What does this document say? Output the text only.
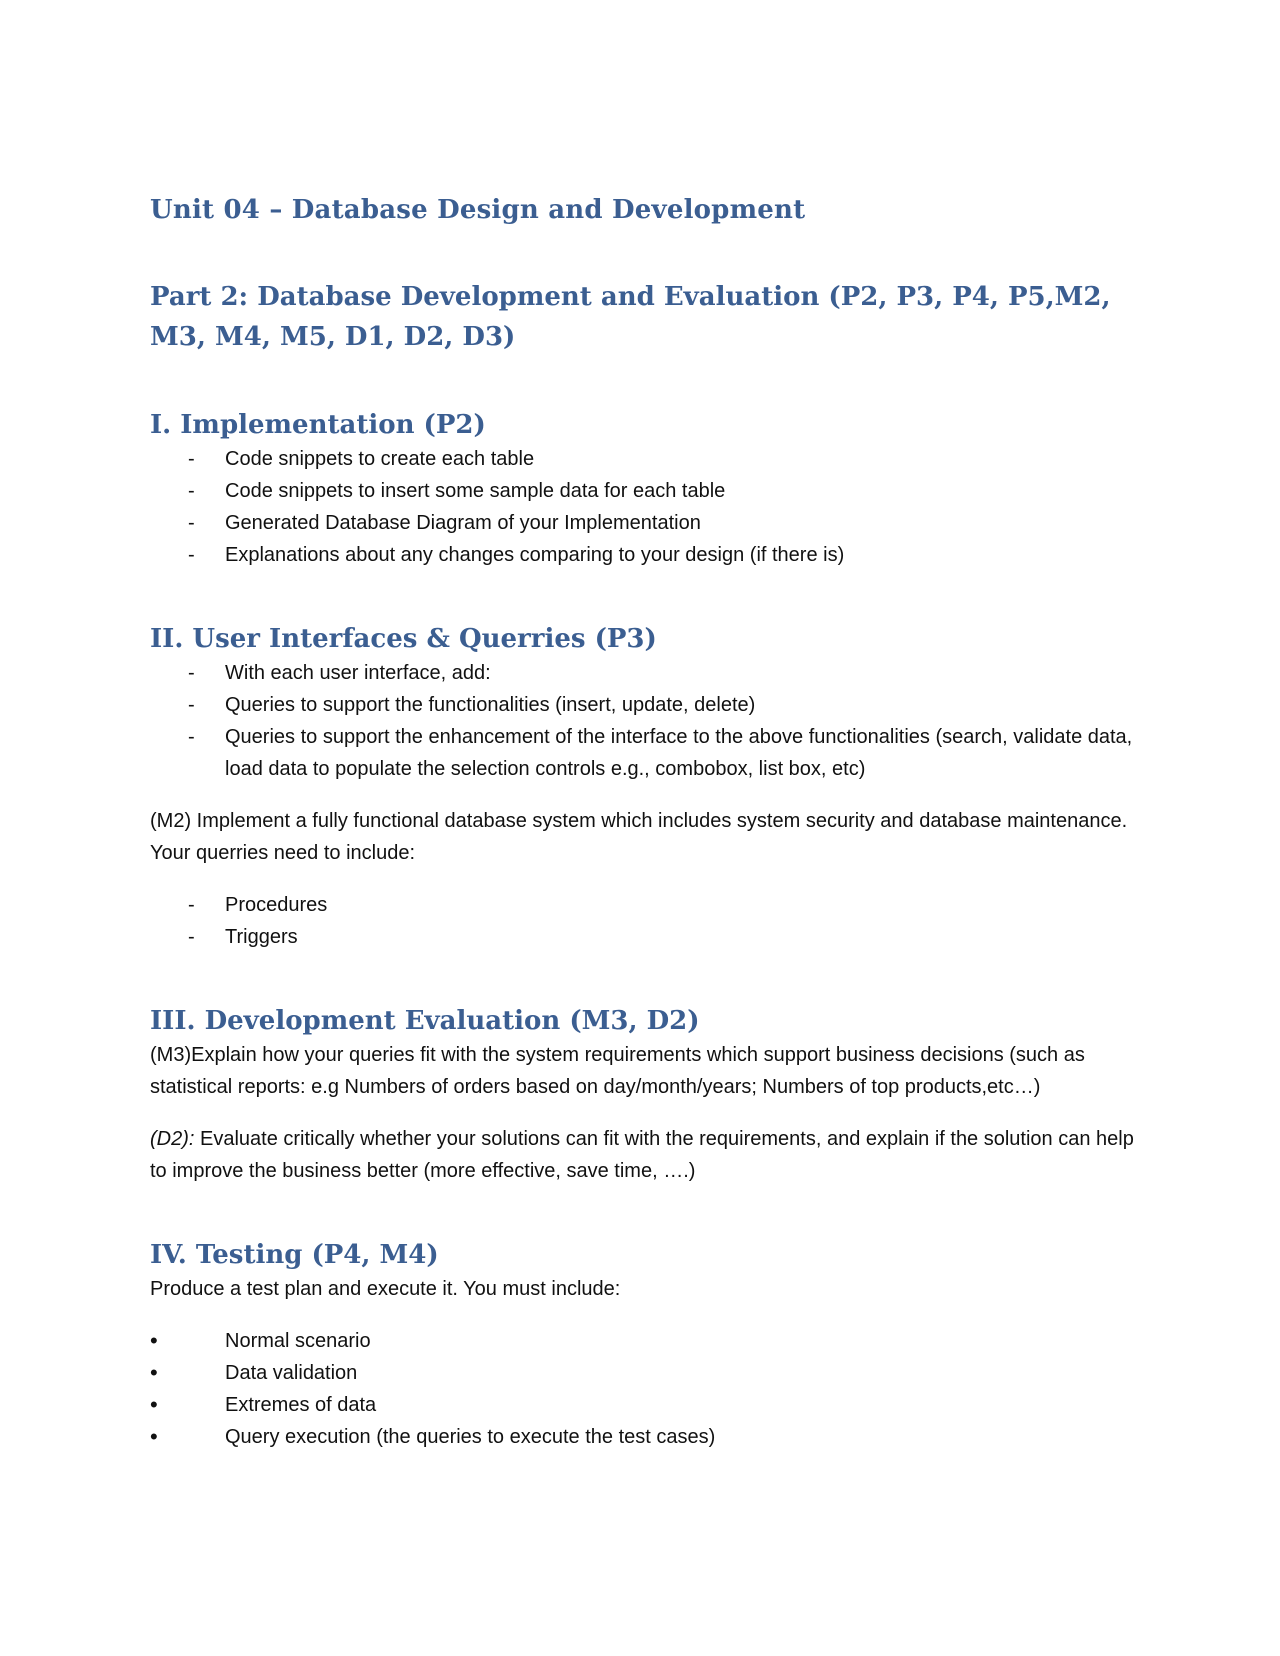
Unit 04 – Database Design and Development
Part 2: Database Development and Evaluation (P2, P3, P4, P5,M2, M3, M4, M5, D1, D2, D3)
I. Implementation (P2)
- Code snippets to create each table
- Code snippets to insert some sample data for each table
- Generated Database Diagram of your Implementation
- Explanations about any changes comparing to your design (if there is)
II. User Interfaces & Querries (P3)
- With each user interface, add:
- Queries to support the functionalities (insert, update, delete)
- Queries to support the enhancement of the interface to the above functionalities (search, validate data, load data to populate the selection controls e.g., combobox, list box, etc)

(M2) Implement a fully functional database system which includes system security and database maintenance. Your querries need to include:

- Procedures
- Triggers
III. Development Evaluation (M3, D2)

(M3)Explain how your queries fit with the system requirements which support business decisions (such as statistical reports: e.g Numbers of orders based on day/month/years; Numbers of top products,etc…)

(D2): Evaluate critically whether your solutions can fit with the requirements, and explain if the solution can help to improve the business better (more effective, save time, ….)

IV. Testing (P4, M4)

Produce a test plan and execute it. You must include:

•	Normal scenario
•	Data validation
•	Extremes of data
•	Query execution (the queries to execute the test cases)
